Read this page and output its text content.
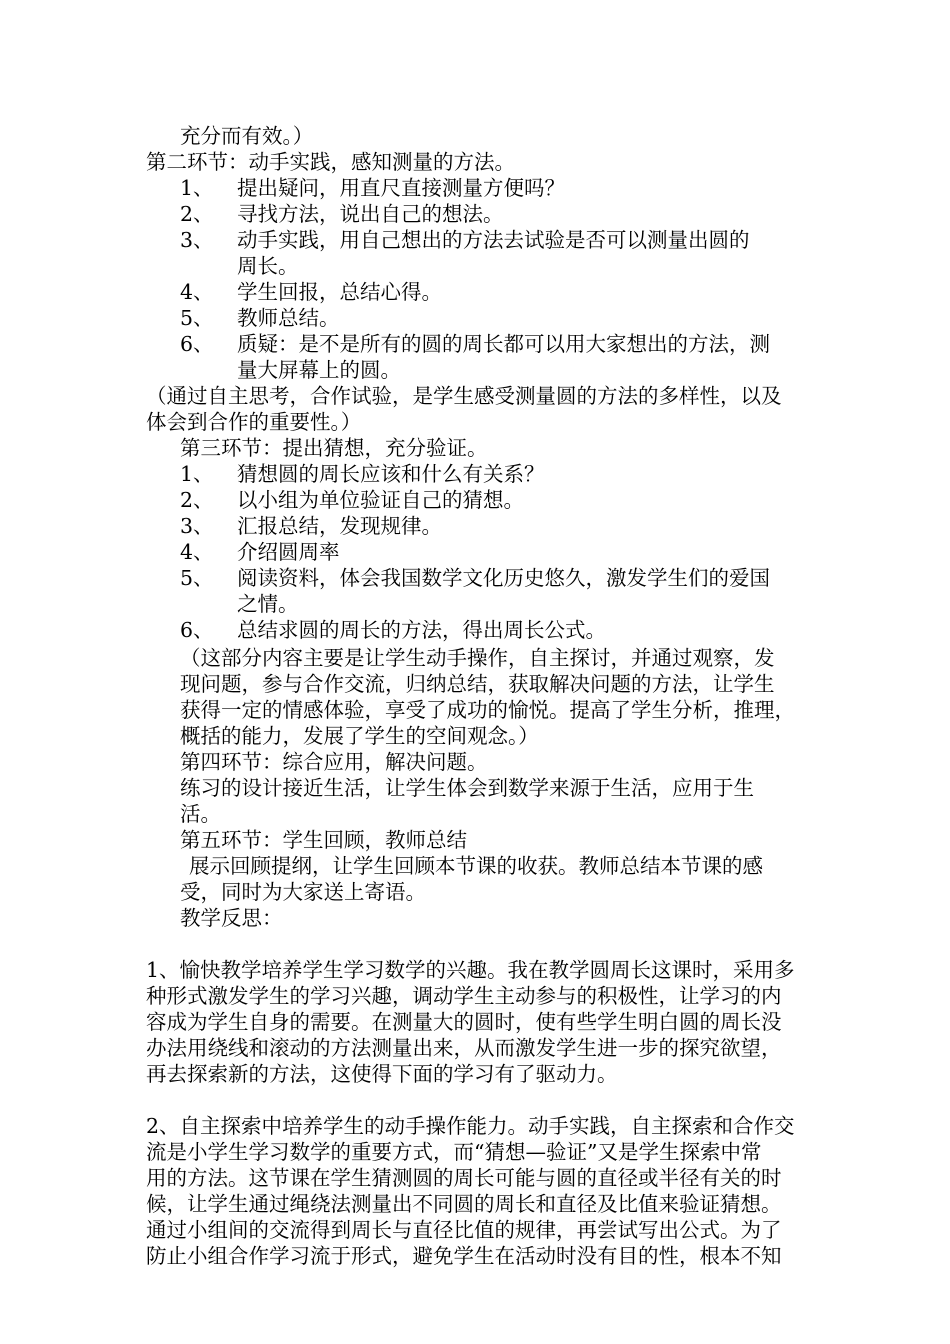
充分而有效。）
第二环节：动手实践，感知测量的方法。
1、 提出疑问，用直尺直接测量方便吗？
2、 寻找方法，说出自己的想法。
3、 动手实践，用自己想出的方法去试验是否可以测量出圆的
周长。
4、 学生回报，总结心得。
5、 教师总结。
6、 质疑：是不是所有的圆的周长都可以用大家想出的方法，测
量大屏幕上的圆。
（通过自主思考，合作试验，是学生感受测量圆的方法的多样性，以及
体会到合作的重要性。）
第三环节：提出猜想，充分验证。
1、 猜想圆的周长应该和什么有关系？
2、 以小组为单位验证自己的猜想。
3、 汇报总结，发现规律。
4、 介绍圆周率
5、 阅读资料，体会我国数学文化历史悠久，激发学生们的爱国
之情。
6、 总结求圆的周长的方法，得出周长公式。
（这部分内容主要是让学生动手操作，自主探讨，并通过观察，发
现问题，参与合作交流，归纳总结，获取解决问题的方法，让学生
获得一定的情感体验，享受了成功的愉悦。提高了学生分析，推理，
概括的能力，发展了学生的空间观念。）
第四环节：综合应用，解决问题。
练习的设计接近生活，让学生体会到数学来源于生活，应用于生
活。
第五环节：学生回顾，教师总结
展示回顾提纲，让学生回顾本节课的收获。教师总结本节课的感
受，同时为大家送上寄语。
教学反思：
1、愉快教学培养学生学习数学的兴趣。我在教学圆周长这课时，采用多
种形式激发学生的学习兴趣，调动学生主动参与的积极性，让学习的内
容成为学生自身的需要。在测量大的圆时，使有些学生明白圆的周长没
办法用绕线和滚动的方法测量出来，从而激发学生进一步的探究欲望，
再去探索新的方法，这使得下面的学习有了驱动力。
2、自主探索中培养学生的动手操作能力。动手实践，自主探索和合作交
流是小学生学习数学的重要方式，而“猜想—验证”又是学生探索中常
用的方法。这节课在学生猜测圆的周长可能与圆的直径或半径有关的时
候，让学生通过绳绕法测量出不同圆的周长和直径及比值来验证猜想。
通过小组间的交流得到周长与直径比值的规律，再尝试写出公式。为了
防止小组合作学习流于形式，避免学生在活动时没有目的性，根本不知
